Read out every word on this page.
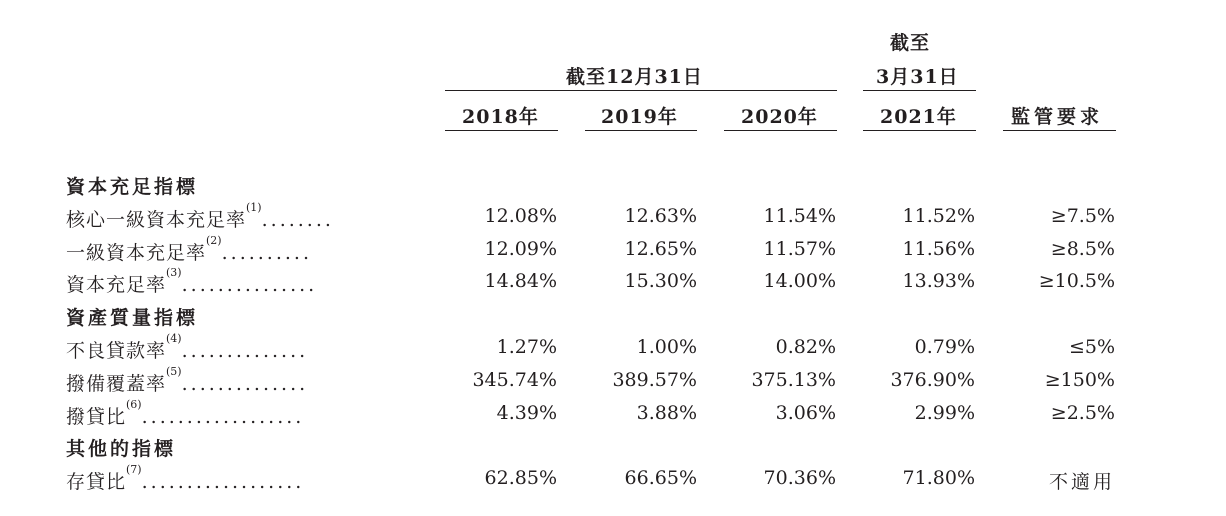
截至
截至12月31日	3月31日
2018年	2019年	2020年	2021年	監管要求
資本充足指標
核心一級資本充足率$^{(1)}$........	12.08%	12.63%	11.54%	11.52%	≥7.5%
一級資本充足率$^{(2)}$..........	12.09%	12.65%	11.57%	11.56%	≥8.5%
資本充足率$^{(3)}$...............	14.84%	15.30%	14.00%	13.93%	≥10.5%
資產質量指標
不良貸款率$^{(4)}$..............	1.27%	1.00%	0.82%	0.79%	≤5%
撥備覆蓋率$^{(5)}$..............	345.74%	389.57%	375.13%	376.90%	≥150%
撥貸比$^{(6)}$..................	4.39%	3.88%	3.06%	2.99%	≥2.5%
其他的指標
存貸比$^{(7)}$..................	62.85%	66.65%	70.36%	71.80%	不適用
